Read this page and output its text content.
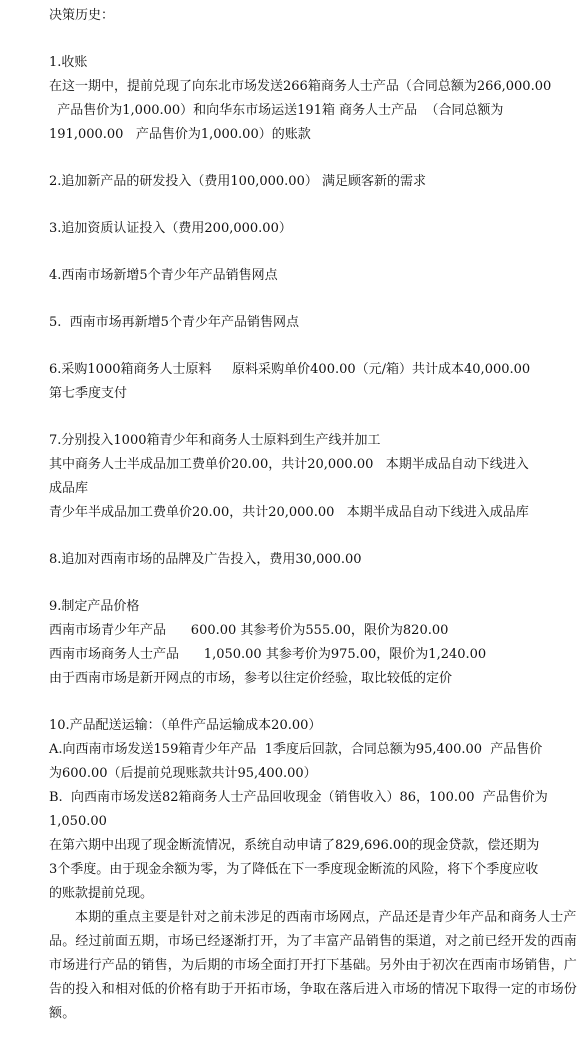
决策历史：
1.收账
在这一期中，提前兑现了向东北市场发送266箱商务人士产品（合同总额为266,000.00
产品售价为1,000.00）和向华东市场运送191箱 商务人士产品  （合同总额为
191,000.00   产品售价为1,000.00）的账款
2.追加新产品的研发投入（费用100,000.00） 满足顾客新的需求
3.追加资质认证投入（费用200,000.00）
4.西南市场新增5个青少年产品销售网点
5.  西南市场再新增5个青少年产品销售网点
6.采购1000箱商务人士原料     原料采购单价400.00（元/箱）共计成本40,000.00
第七季度支付
7.分别投入1000箱青少年和商务人士原料到生产线并加工
其中商务人士半成品加工费单价20.00，共计20,000.00   本期半成品自动下线进入
成品库
青少年半成品加工费单价20.00，共计20,000.00   本期半成品自动下线进入成品库
8.追加对西南市场的品牌及广告投入，费用30,000.00
9.制定产品价格
西南市场青少年产品      600.00 其参考价为555.00，限价为820.00
西南市场商务人士产品      1,050.00 其参考价为975.00，限价为1,240.00
由于西南市场是新开网点的市场，参考以往定价经验，取比较低的定价
10.产品配送运输：（单件产品运输成本20.00）
A.向西南市场发送159箱青少年产品  1季度后回款，合同总额为95,400.00  产品售价
为600.00（后提前兑现账款共计95,400.00）
B.  向西南市场发送82箱商务人士产品回收现金（销售收入）86，100.00  产品售价为
1,050.00
在第六期中出现了现金断流情况，系统自动申请了829,696.00的现金贷款，偿还期为
3个季度。由于现金余额为零，为了降低在下一季度现金断流的风险，将下个季度应收
的账款提前兑现。
本期的重点主要是针对之前未涉足的西南市场网点，产品还是青少年产品和商务人士产品。经过前面五期，市场已经逐渐打开，为了丰富产品销售的渠道，对之前已经开发的西南市场进行产品的销售，为后期的市场全面打开打下基础。另外由于初次在西南市场销售，广告的投入和相对低的价格有助于开拓市场，争取在落后进入市场的情况下取得一定的市场份额。
